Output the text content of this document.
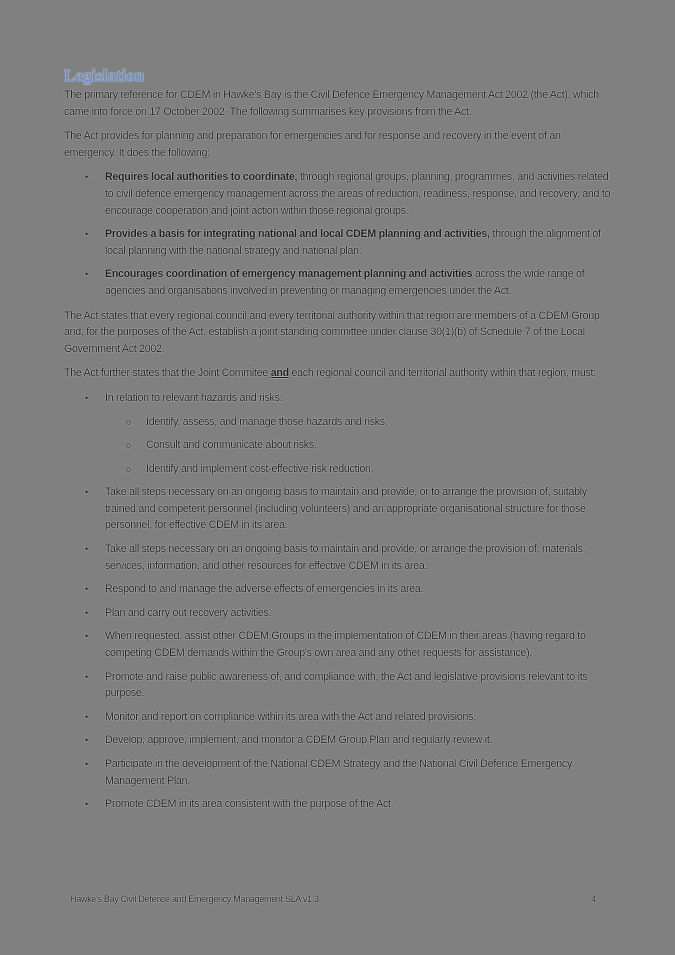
Legislation

The primary reference for CDEM in Hawke's Bay is the Civil Defence Emergency Management Act 2002 (the Act), which came into force on 17 October 2002. The following summarises key provisions from the Act.

The Act provides for planning and preparation for emergencies and for response and recovery in the event of an emergency. It does the following:

• Requires local authorities to coordinate, through regional groups, planning, programmes, and activities related to civil defence emergency management across the areas of reduction, readiness, response, and recovery, and to encourage cooperation and joint action within those regional groups.
• Provides a basis for integrating national and local CDEM planning and activities, through the alignment of local planning with the national strategy and national plan.
• Encourages coordination of emergency management planning and activities across the wide range of agencies and organisations involved in preventing or managing emergencies under the Act.

The Act states that every regional council and every territorial authority within that region are members of a CDEM Group and, for the purposes of the Act, establish a joint standing committee under clause 30(1)(b) of Schedule 7 of the Local Government Act 2002.

The Act further states that the Joint Commitee and each regional council and territorial authority within that region, must:

• In relation to relevant hazards and risks:
o Identify, assess, and manage those hazards and risks.
o Consult and communicate about risks.
o Identify and implement cost-effective risk reduction.
• Take all steps necessary on an ongoing basis to maintain and provide, or to arrange the provision of, suitably trained and competent personnel (including volunteers) and an appropriate organisational structure for those personnel, for effective CDEM in its area.
• Take all steps necessary on an ongoing basis to maintain and provide, or arrange the provision of, materials, services, information, and other resources for effective CDEM in its area.
• Respond to and manage the adverse effects of emergencies in its area.
• Plan and carry out recovery activities.
• When requested, assist other CDEM Groups in the implementation of CDEM in their areas (having regard to competing CDEM demands within the Group's own area and any other requests for assistance).
• Promote and raise public awareness of, and compliance with, the Act and legislative provisions relevant to its purpose.
• Monitor and report on compliance within its area with the Act and related provisions.
• Develop, approve, implement, and monitor a CDEM Group Plan and regularly review it.
• Participate in the development of the National CDEM Strategy and the National Civil Defence Emergency Management Plan.
• Promote CDEM in its area consistent with the purpose of the Act.
Hawke's Bay Civil Defence and Emergency Management SLA v1.3	4
